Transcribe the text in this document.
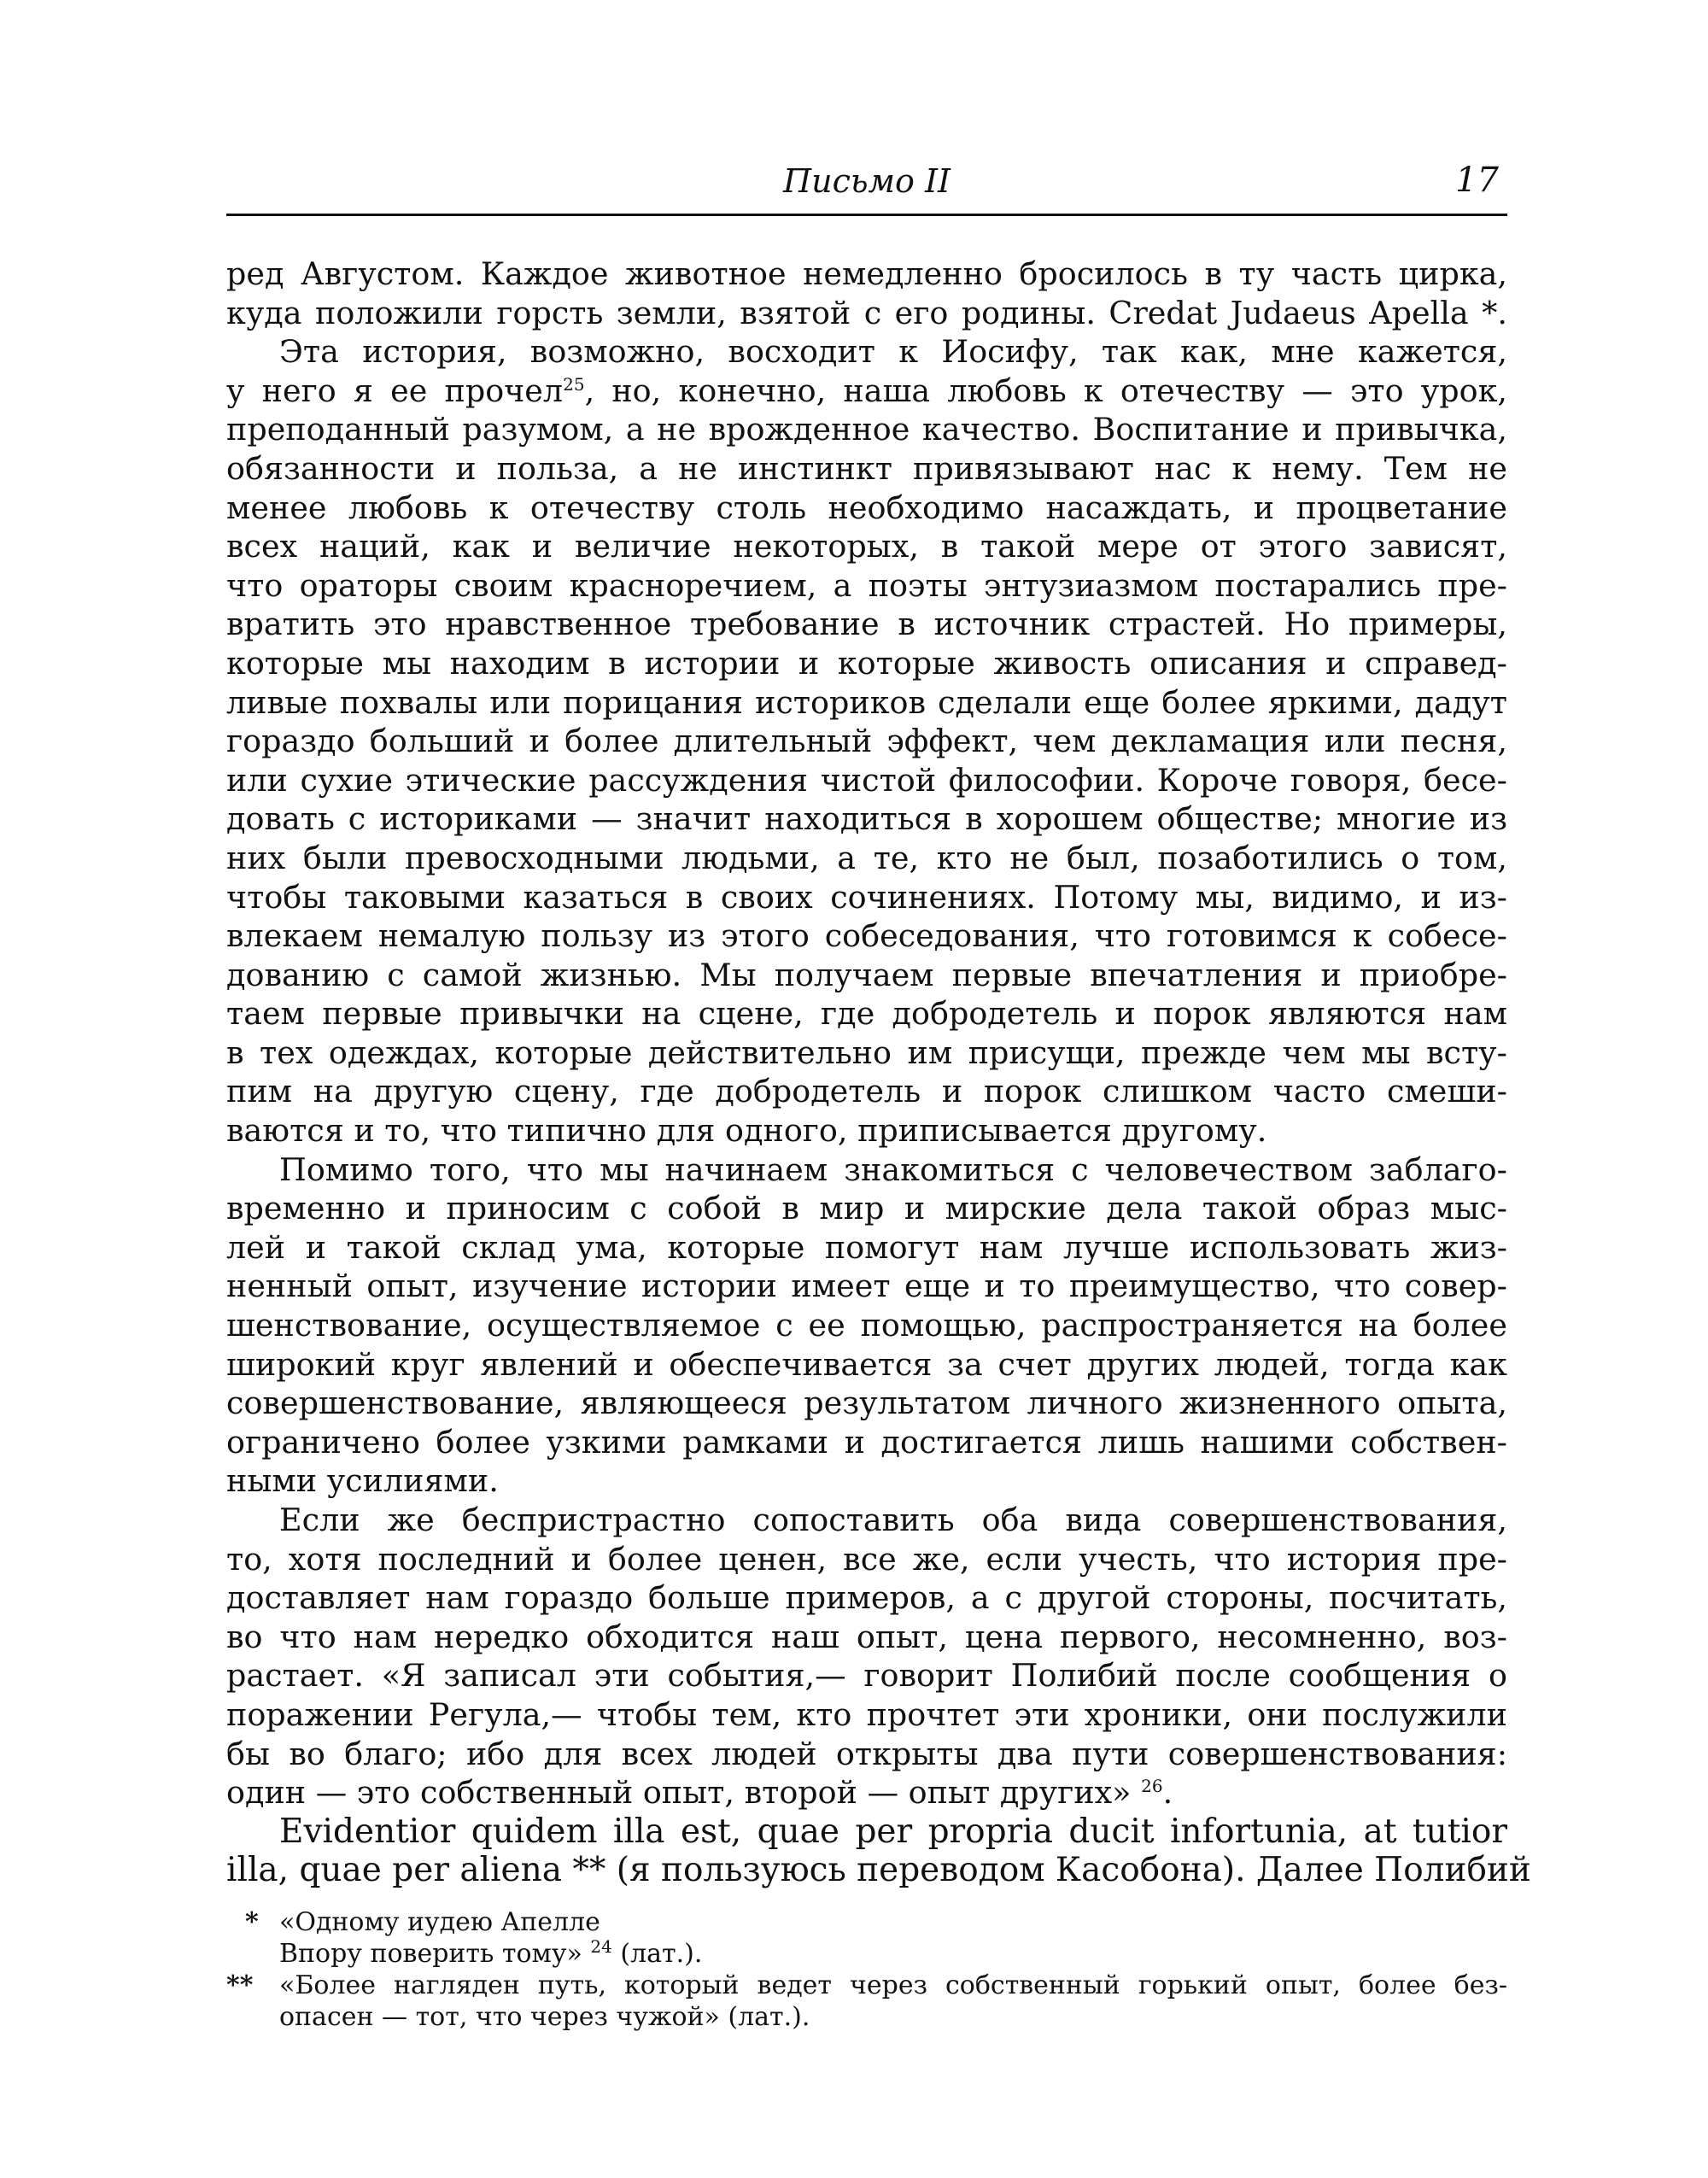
Письмо II	17
ред Августом. Каждое животное немедленно бросилось в ту часть цирка,
куда положили горсть земли, взятой с его родины. Credat Judaeus Apella *.
Эта история, возможно, восходит к Иосифу, так как, мне кажется,
у него я ее прочел$^{25}$, но, конечно, наша любовь к отечеству — это урок,
преподанный разумом, а не врожденное качество. Воспитание и привычка,
обязанности и польза, а не инстинкт привязывают нас к нему. Тем не
менее любовь к отечеству столь необходимо насаждать, и процветание
всех наций, как и величие некоторых, в такой мере от этого зависят,
что ораторы своим красноречием, а поэты энтузиазмом постарались пре-
вратить это нравственное требование в источник страстей. Но примеры,
которые мы находим в истории и которые живость описания и справед-
ливые похвалы или порицания историков сделали еще более яркими, дадут
гораздо больший и более длительный эффект, чем декламация или песня,
или сухие этические рассуждения чистой философии. Короче говоря, бесе-
довать с историками — значит находиться в хорошем обществе; многие из
них были превосходными людьми, а те, кто не был, позаботились о том,
чтобы таковыми казаться в своих сочинениях. Потому мы, видимо, и из-
влекаем немалую пользу из этого собеседования, что готовимся к собесе-
дованию с самой жизнью. Мы получаем первые впечатления и приобре-
таем первые привычки на сцене, где добродетель и порок являются нам
в тех одеждах, которые действительно им присущи, прежде чем мы всту-
пим на другую сцену, где добродетель и порок слишком часто смеши-
ваются и то, что типично для одного, приписывается другому.
Помимо того, что мы начинаем знакомиться с человечеством заблаго-
временно и приносим с собой в мир и мирские дела такой образ мыс-
лей и такой склад ума, которые помогут нам лучше использовать жиз-
ненный опыт, изучение истории имеет еще и то преимущество, что совер-
шенствование, осуществляемое с ее помощью, распространяется на более
широкий круг явлений и обеспечивается за счет других людей, тогда как
совершенствование, являющееся результатом личного жизненного опыта,
ограничено более узкими рамками и достигается лишь нашими собствен-
ными усилиями.
Если же беспристрастно сопоставить оба вида совершенствования,
то, хотя последний и более ценен, все же, если учесть, что история пре-
доставляет нам гораздо больше примеров, а с другой стороны, посчитать,
во что нам нередко обходится наш опыт, цена первого, несомненно, воз-
растает. «Я записал эти события,— говорит Полибий после сообщения о
поражении Регула,— чтобы тем, кто прочтет эти хроники, они послужили
бы во благо; ибо для всех людей открыты два пути совершенствования:
один — это собственный опыт, второй — опыт других» $^{26}$.
Evidentior quidem illa est, quae per propria ducit infortunia, at tutior
illa, quae per aliena ** (я пользуюсь переводом Касобона). Далее Полибий
* «Одному иудею Апелле
Впору поверить тому» $^{24}$ (лат.).
** «Более нагляден путь, который ведет через собственный горький опыт, более без-
опасен — тот, что через чужой» (лат.).
